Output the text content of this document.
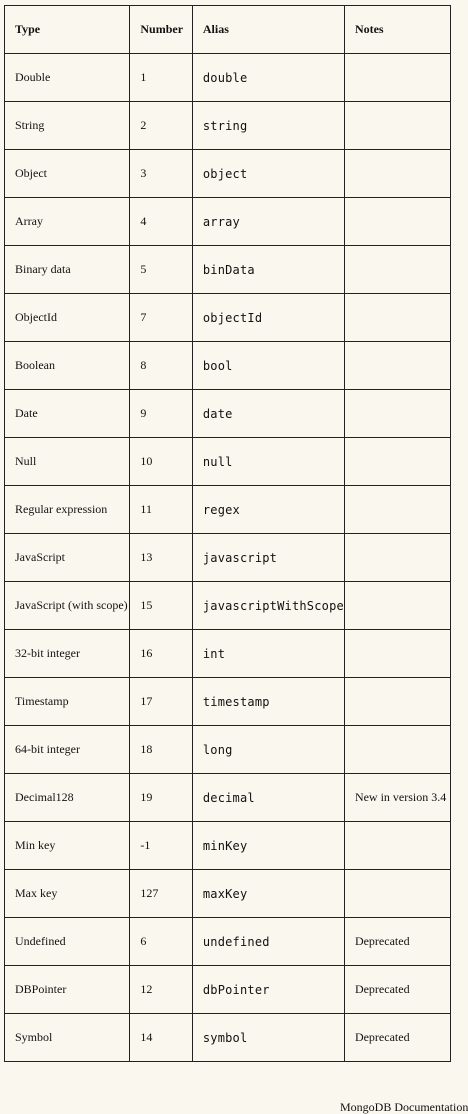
Type	Number	Alias	Notes
Double	1	double	
String	2	string	
Object	3	object	
Array	4	array	
Binary data	5	binData	
ObjectId	7	objectId	
Boolean	8	bool	
Date	9	date	
Null	10	null	
Regular expression	11	regex	
JavaScript	13	javascript	
JavaScript (with scope)	15	javascriptWithScope	
32-bit integer	16	int	
Timestamp	17	timestamp	
64-bit integer	18	long	
Decimal128	19	decimal	New in version 3.4
Min key	-1	minKey	
Max key	127	maxKey	
Undefined	6	undefined	Deprecated
DBPointer	12	dbPointer	Deprecated
Symbol	14	symbol	Deprecated
MongoDB Documentation
